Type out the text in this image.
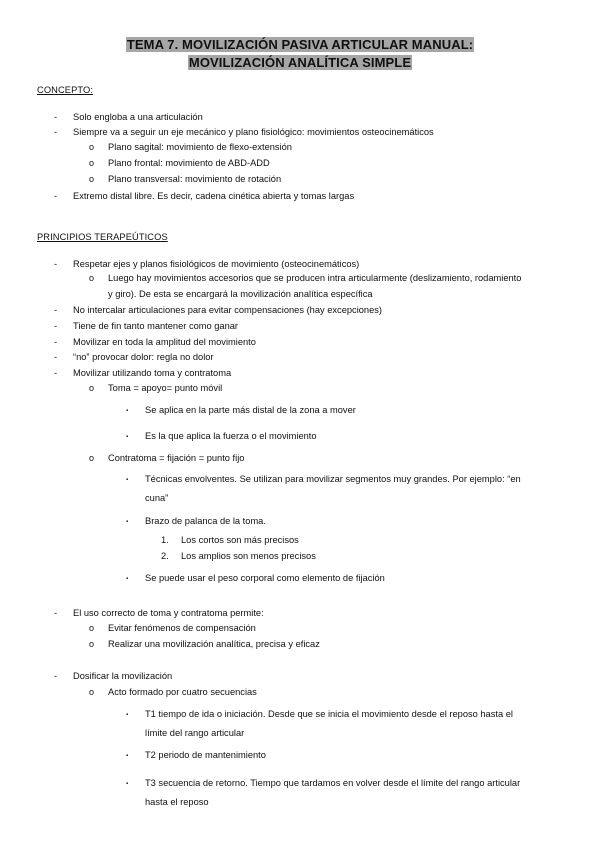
TEMA 7. MOVILIZACIÓN PASIVA ARTICULAR MANUAL:
MOVILIZACIÓN ANALÍTICA SIMPLE
CONCEPTO:
- Solo engloba a una articulación
- Siempre va a seguir un eje mecánico y plano fisiológico: movimientos osteocinemáticos
o Plano sagital: movimiento de flexo-extensión
o Plano frontal: movimiento de ABD-ADD
o Plano transversal: movimiento de rotación
- Extremo distal libre. Es decir, cadena cinética abierta y tomas largas
PRINCIPIOS TERAPEÚTICOS
- Respetar ejes y planos fisiológicos de movimiento (osteocinemáticos)
o Luego hay movimientos accesorios que se producen intra articularmente (deslizamiento, rodamiento
y giro). De esta se encargará la movilización analítica específica
- No intercalar articulaciones para evitar compensaciones (hay excepciones)
- Tiene de fin tanto mantener como ganar
- Movilizar en toda la amplitud del movimiento
- “no” provocar dolor: regla no dolor
- Movilizar utilizando toma y contratoma
o Toma = apoyo= punto móvil
▪ Se aplica en la parte más distal de la zona a mover
▪ Es la que aplica la fuerza o el movimiento
o Contratoma = fijación = punto fijo
▪ Técnicas envolventes. Se utilizan para movilizar segmentos muy grandes. Por ejemplo: “en
cuna”
▪ Brazo de palanca de la toma.
1. Los cortos son más precisos
2. Los amplios son menos precisos
▪ Se puede usar el peso corporal como elemento de fijación
- El uso correcto de toma y contratoma permite:
o Evitar fenómenos de compensación
o Realizar una movilización analítica, precisa y eficaz
- Dosificar la movilización
o Acto formado por cuatro secuencias
▪ T1 tiempo de ida o iniciación. Desde que se inicia el movimiento desde el reposo hasta el
límite del rango articular
▪ T2 periodo de mantenimiento
▪ T3 secuencia de retorno. Tiempo que tardamos en volver desde el límite del rango articular
hasta el reposo
